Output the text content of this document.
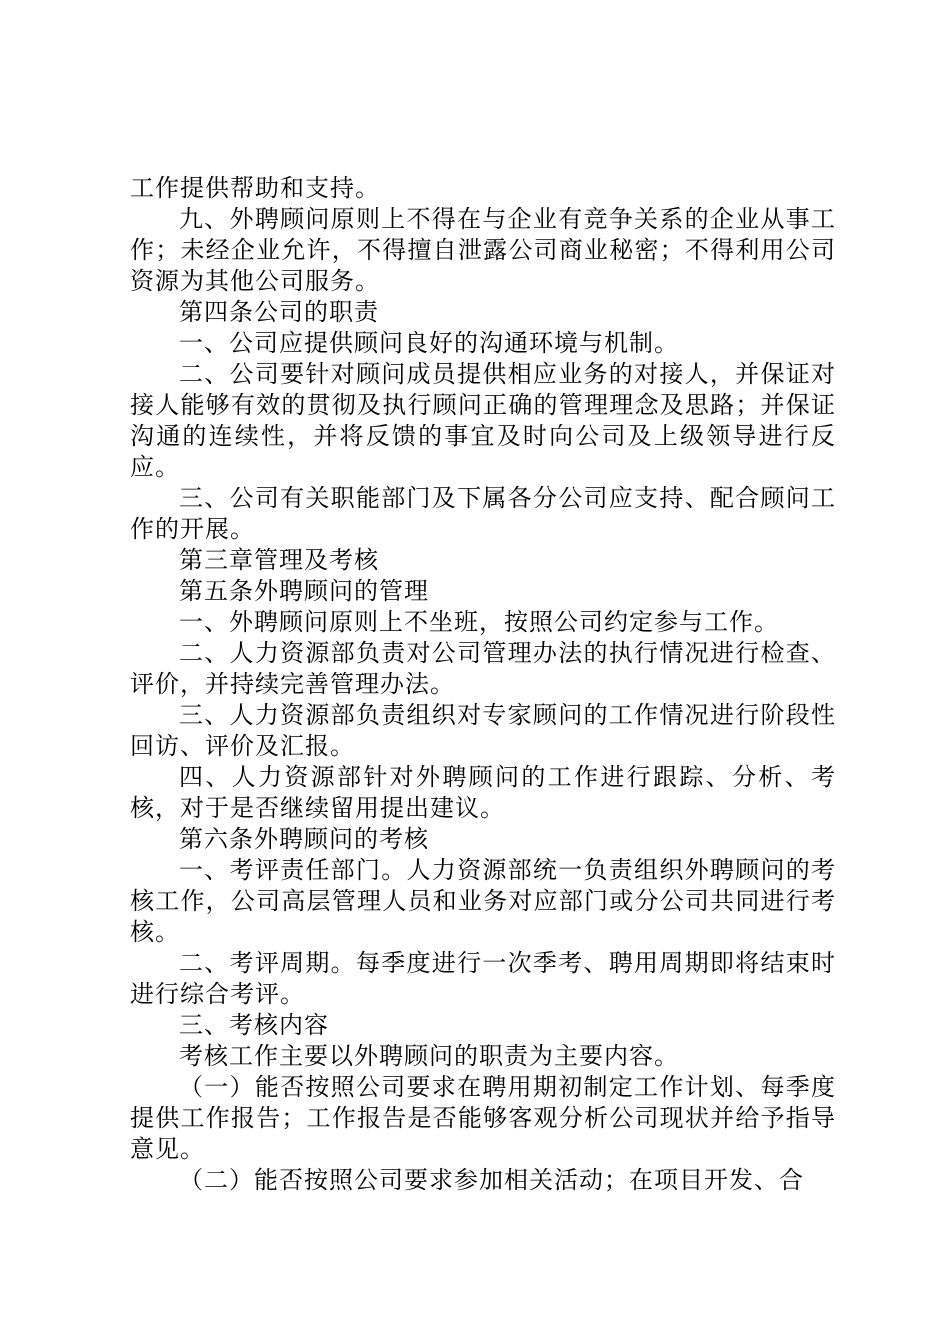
工作提供帮助和支持。

九、外聘顾问原则上不得在与企业有竞争关系的企业从事工作；未经企业允许，不得擅自泄露公司商业秘密；不得利用公司资源为其他公司服务。

第四条公司的职责

一、公司应提供顾问良好的沟通环境与机制。

二、公司要针对顾问成员提供相应业务的对接人，并保证对接人能够有效的贯彻及执行顾问正确的管理理念及思路；并保证沟通的连续性，并将反馈的事宜及时向公司及上级领导进行反应。

三、公司有关职能部门及下属各分公司应支持、配合顾问工作的开展。

第三章管理及考核

第五条外聘顾问的管理

一、外聘顾问原则上不坐班，按照公司约定参与工作。

二、人力资源部负责对公司管理办法的执行情况进行检查、评价，并持续完善管理办法。

三、人力资源部负责组织对专家顾问的工作情况进行阶段性回访、评价及汇报。

四、人力资源部针对外聘顾问的工作进行跟踪、分析、考核，对于是否继续留用提出建议。

第六条外聘顾问的考核

一、考评责任部门。人力资源部统一负责组织外聘顾问的考核工作，公司高层管理人员和业务对应部门或分公司共同进行考核。

二、考评周期。每季度进行一次季考、聘用周期即将结束时进行综合考评。

三、考核内容

考核工作主要以外聘顾问的职责为主要内容。

（一）能否按照公司要求在聘用期初制定工作计划、每季度提供工作报告；工作报告是否能够客观分析公司现状并给予指导意见。

（二）能否按照公司要求参加相关活动；在项目开发、合
